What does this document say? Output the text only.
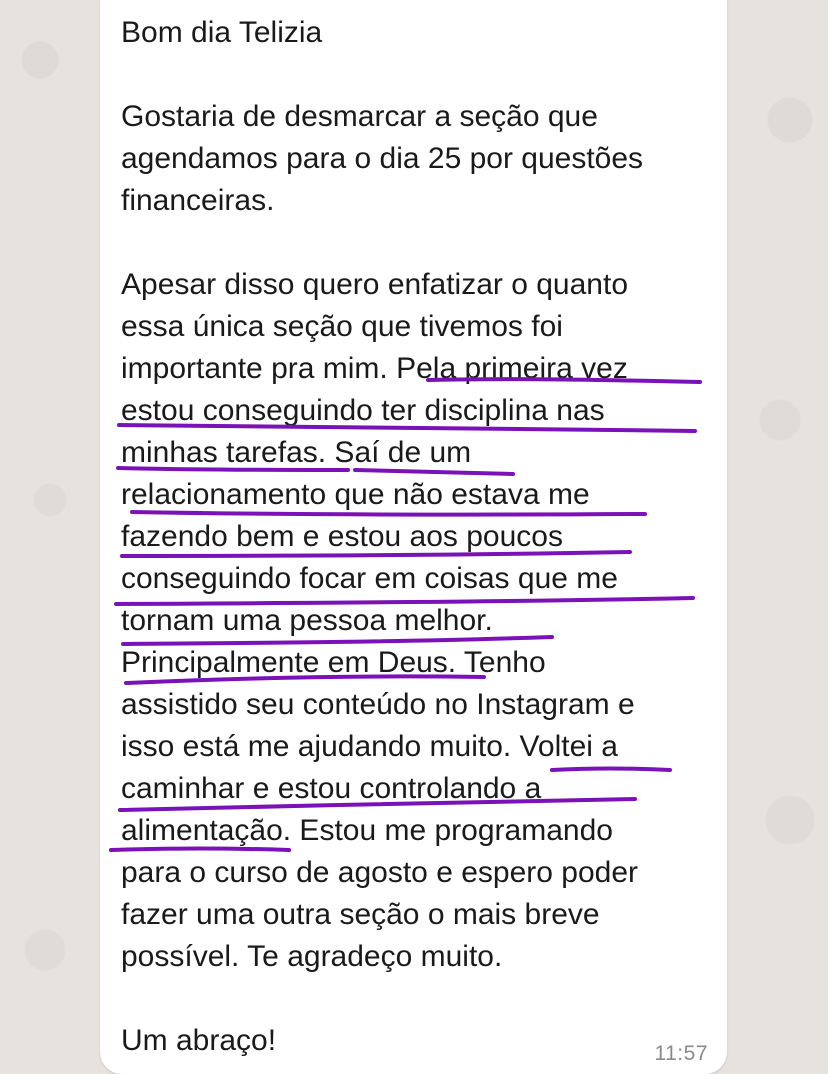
Bom dia Telizia
Gostaria de desmarcar a seção que
agendamos para o dia 25 por questões
financeiras.
Apesar disso quero enfatizar o quanto
essa única seção que tivemos foi
importante pra mim. Pela primeira vez
estou conseguindo ter disciplina nas
minhas tarefas. Saí de um
relacionamento que não estava me
fazendo bem e estou aos poucos
conseguindo focar em coisas que me
tornam uma pessoa melhor.
Principalmente em Deus. Tenho
assistido seu conteúdo no Instagram e
isso está me ajudando muito. Voltei a
caminhar e estou controlando a
alimentação. Estou me programando
para o curso de agosto e espero poder
fazer uma outra seção o mais breve
possível. Te agradeço muito.
Um abraço!	11:57
